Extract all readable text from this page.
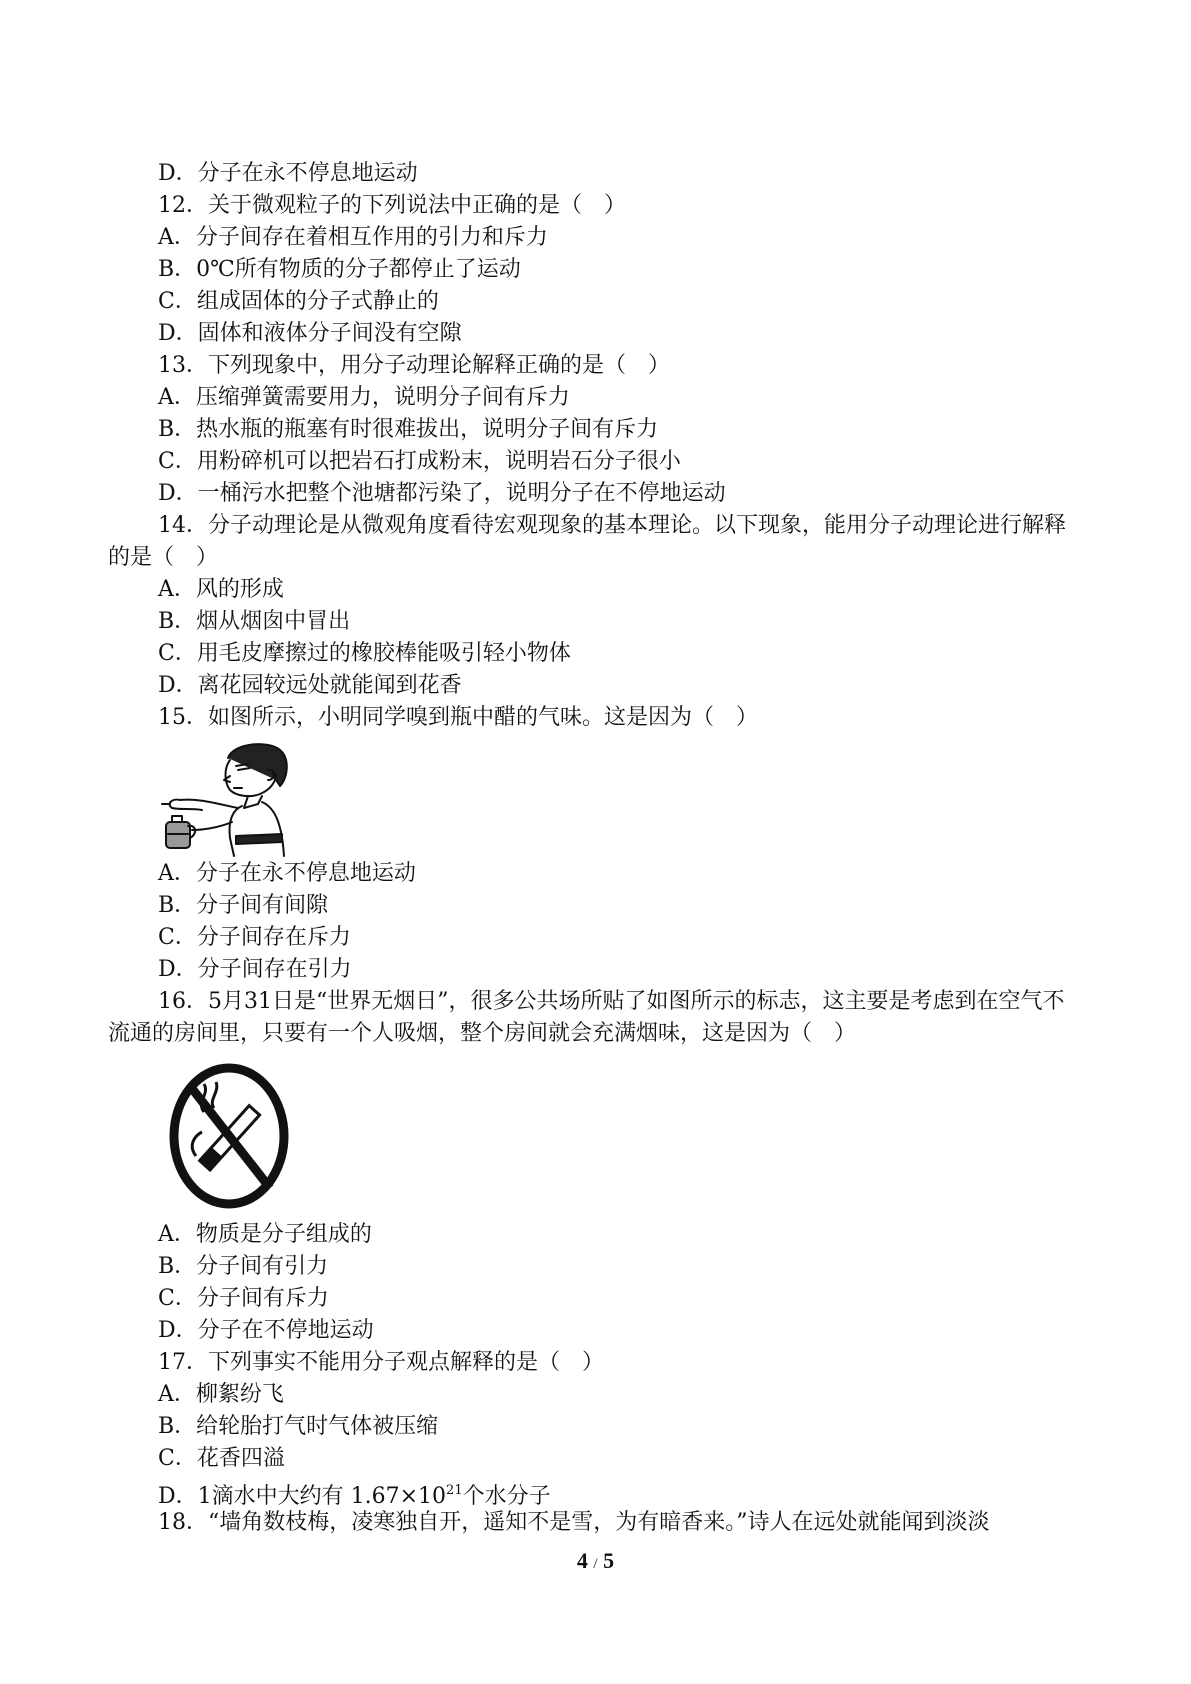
D．分子在永不停息地运动
12．关于微观粒子的下列说法中正确的是（　）
A．分子间存在着相互作用的引力和斥力
B．0℃所有物质的分子都停止了运动
C．组成固体的分子式静止的
D．固体和液体分子间没有空隙
13．下列现象中，用分子动理论解释正确的是（　）
A．压缩弹簧需要用力，说明分子间有斥力
B．热水瓶的瓶塞有时很难拔出，说明分子间有斥力
C．用粉碎机可以把岩石打成粉末，说明岩石分子很小
D．一桶污水把整个池塘都污染了，说明分子在不停地运动
14．分子动理论是从微观角度看待宏观现象的基本理论。以下现象，能用分子动理论进行解释的是（　）
A．风的形成
B．烟从烟囱中冒出
C．用毛皮摩擦过的橡胶棒能吸引轻小物体
D．离花园较远处就能闻到花香
15．如图所示，小明同学嗅到瓶中醋的气味。这是因为（　）
A．分子在永不停息地运动
B．分子间有间隙
C．分子间存在斥力
D．分子间存在引力
16．5月31日是“世界无烟日”，很多公共场所贴了如图所示的标志，这主要是考虑到在空气不流通的房间里，只要有一个人吸烟，整个房间就会充满烟味，这是因为（　）
A．物质是分子组成的
B．分子间有引力
C．分子间有斥力
D．分子在不停地运动
17．下列事实不能用分子观点解释的是（　）
A．柳絮纷飞
B．给轮胎打气时气体被压缩
C．花香四溢
D．1滴水中大约有 $1.67\times 10^{21}$个水分子
18．“墙角数枝梅，凌寒独自开，遥知不是雪，为有暗香来。”诗人在远处就能闻到淡淡
4 / 5
